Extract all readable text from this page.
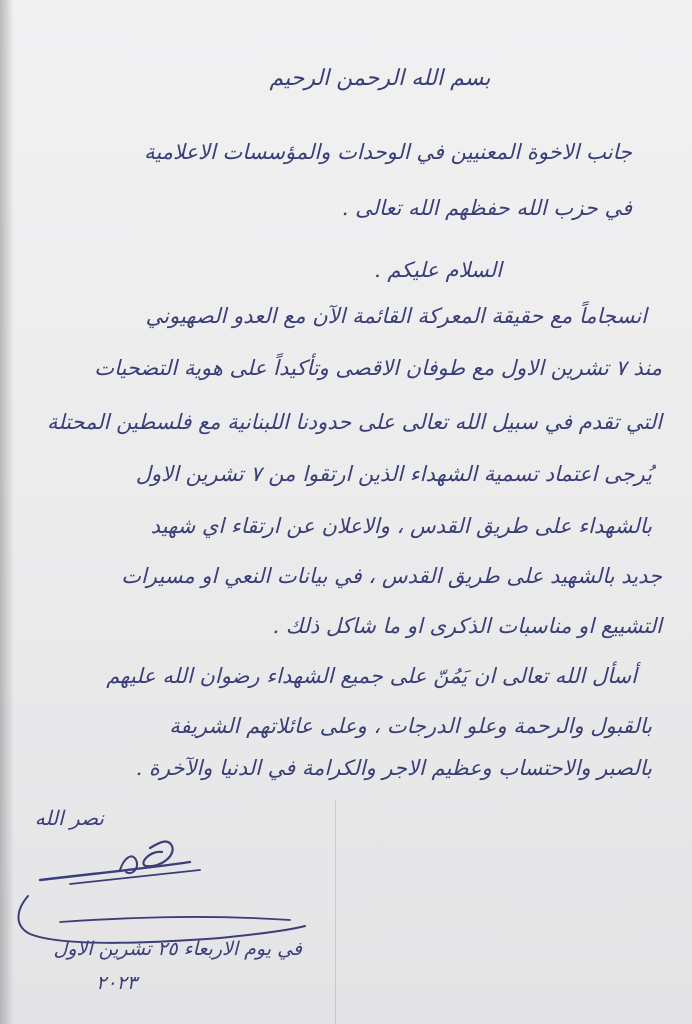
بسم الله الرحمن الرحيم
جانب الاخوة المعنيين في الوحدات والمؤسسات الاعلامية
في حزب الله حفظهم الله تعالى .
السلام عليكم .
انسجاماً مع حقيقة المعركة القائمة الآن مع العدو الصهيوني
منذ ٧ تشرين الاول مع طوفان الاقصى وتأكيداً على هوية التضحيات
التي تقدم في سبيل الله تعالى على حدودنا اللبنانية مع فلسطين المحتلة
يُرجى اعتماد تسمية الشهداء الذين ارتقوا من ٧ تشرين الاول
بالشهداء على طريق القدس ، والاعلان عن ارتقاء اي شهيد
جديد بالشهيد على طريق القدس ، في بيانات النعي او مسيرات
التشييع او مناسبات الذكرى او ما شاكل ذلك .
أسأل الله تعالى ان يَمُنّ على جميع الشهداء رضوان الله عليهم
بالقبول والرحمة وعلو الدرجات ، وعلى عائلاتهم الشريفة
بالصبر والاحتساب وعظيم الاجر والكرامة في الدنيا والآخرة .
نصر الله
في يوم الاربعاء ٢٥ تشرين الاول
٢٠٢٣
